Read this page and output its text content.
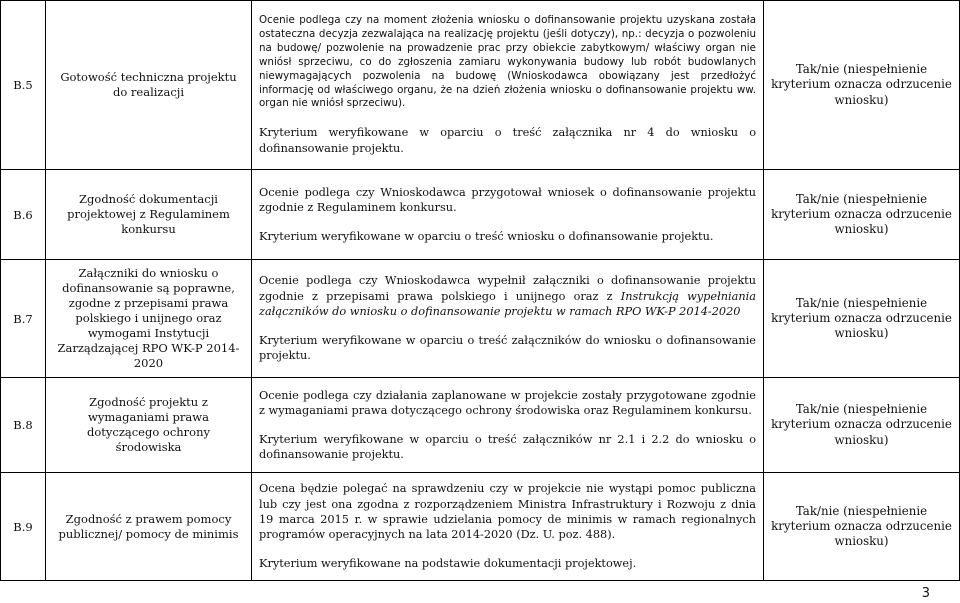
B.5	Gotowość techniczna projektu do realizacji	Ocenie podlega czy na moment złożenia wniosku o dofinansowanie projektu uzyskana została ostateczna decyzja zezwalająca na realizację projektu (jeśli dotyczy), np.: decyzja o pozwoleniu na budowę/ pozwolenie na prowadzenie prac przy obiekcie zabytkowym/ właściwy organ nie wniósł sprzeciwu, co do zgłoszenia zamiaru wykonywania budowy lub robót budowlanych niewymagających pozwolenia na budowę (Wnioskodawca obowiązany jest przedłożyć informację od właściwego organu, że na dzień złożenia wniosku o dofinansowanie projektu ww. organ nie wniósł sprzeciwu).

Kryterium weryfikowane w oparciu o treść załącznika nr 4 do wniosku o dofinansowanie projektu.	Tak/nie (niespełnienie kryterium oznacza odrzucenie wniosku)
B.6	Zgodność dokumentacji projektowej z Regulaminem konkursu	Ocenie podlega czy Wnioskodawca przygotował wniosek o dofinansowanie projektu zgodnie z Regulaminem konkursu.

Kryterium weryfikowane w oparciu o treść wniosku o dofinansowanie projektu.	Tak/nie (niespełnienie kryterium oznacza odrzucenie wniosku)
B.7	Załączniki do wniosku o dofinansowanie są poprawne, zgodne z przepisami prawa polskiego i unijnego oraz wymogami Instytucji Zarządzającej RPO WK-P 2014-2020	Ocenie podlega czy Wnioskodawca wypełnił załączniki o dofinansowanie projektu zgodnie z przepisami prawa polskiego i unijnego oraz z Instrukcją wypełniania załączników do wniosku o dofinansowanie projektu w ramach RPO WK-P 2014-2020

Kryterium weryfikowane w oparciu o treść załączników do wniosku o dofinansowanie projektu.	Tak/nie (niespełnienie kryterium oznacza odrzucenie wniosku)
B.8	Zgodność projektu z wymaganiami prawa dotyczącego ochrony środowiska	Ocenie podlega czy działania zaplanowane w projekcie zostały przygotowane zgodnie z wymaganiami prawa dotyczącego ochrony środowiska oraz Regulaminem konkursu.

Kryterium weryfikowane w oparciu o treść załączników nr 2.1 i 2.2 do wniosku o dofinansowanie projektu.	Tak/nie (niespełnienie kryterium oznacza odrzucenie wniosku)
B.9	Zgodność z prawem pomocy publicznej/ pomocy de minimis	Ocena będzie polegać na sprawdzeniu czy w projekcie nie wystąpi pomoc publiczna lub czy jest ona zgodna z rozporządzeniem Ministra Infrastruktury i Rozwoju z dnia 19 marca 2015 r. w sprawie udzielania pomocy de minimis w ramach regionalnych programów operacyjnych na lata 2014-2020 (Dz. U. poz. 488).

Kryterium weryfikowane na podstawie dokumentacji projektowej.	Tak/nie (niespełnienie kryterium oznacza odrzucenie wniosku)
3
